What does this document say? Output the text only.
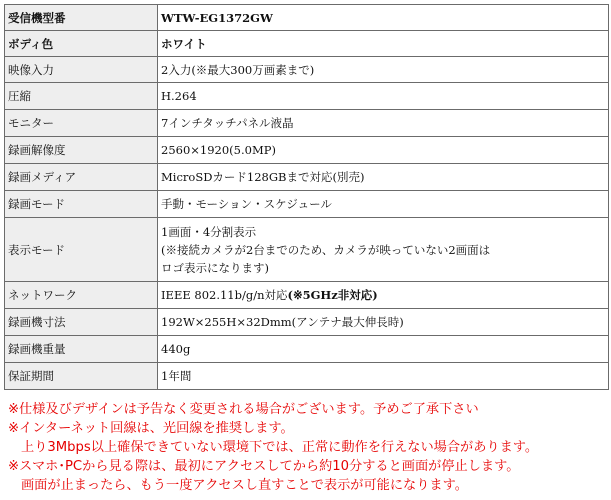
受信機型番	WTW-EG1372GW
ボディ色	ホワイト
映像入力	2入力(※最大300万画素まで)
圧縮	H.264
モニター	7インチタッチパネル液晶
録画解像度	2560×1920(5.0MP)
録画メディア	MicroSDカード128GBまで対応(別売)
録画モード	手動・モーション・スケジュール
表示モード	1画面・4分割表示
(※接続カメラが2台までのため、カメラが映っていない2画面は
ロゴ表示になります)

ネットワーク	IEEE 802.11b/g/n対応(※5GHz非対応)
録画機寸法	192W×255H×32Dmm(アンテナ最大伸長時)
録画機重量	440g
保証期間	1年間
※仕様及びデザインは予告なく変更される場合がございます。予めご了承下さい
※インターネット回線は、光回線を推奨します。
上り3Mbps以上確保できていない環境下では、正常に動作を行えない場合があります。
※スマホ･PCから見る際は、最初にアクセスしてから約10分すると画面が停止します。
画面が止まったら、もう一度アクセスし直すことで表示が可能になります。
